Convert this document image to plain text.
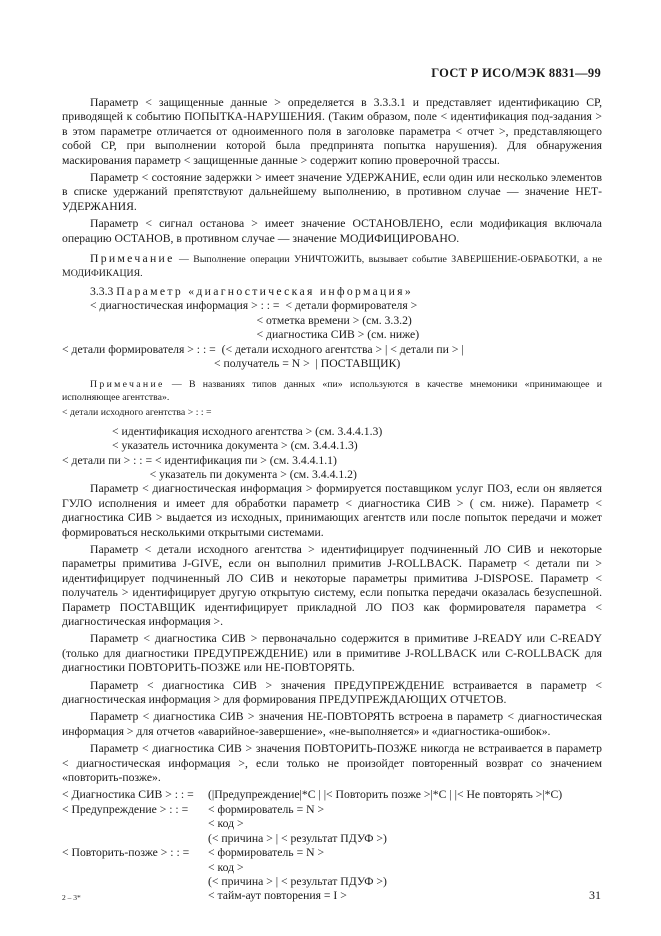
ГОСТ Р ИСО/МЭК 8831—99

Параметр < защищенные данные > определяется в 3.3.3.1 и представляет идентификацию СР, приводящей к событию ПОПЫТКА-НАРУШЕНИЯ. (Таким образом, поле < идентификация под-задания > в этом параметре отличается от одноименного поля в заголовке параметра < отчет >, представляющего собой СР, при выполнении которой была предпринята попытка нарушения). Для обнаружения маскирования параметр < защищенные данные > содержит копию проверочной трассы.

Параметр < состояние задержки > имеет значение УДЕРЖАНИЕ, если один или несколько элементов в списке удержаний препятствуют дальнейшему выполнению, в противном случае — значение НЕТ-УДЕРЖАНИЯ.

Параметр < сигнал останова > имеет значение ОСТАНОВЛЕНО, если модификация включала операцию ОСТАНОВ, в противном случае — значение МОДИФИЦИРОВАНО.

Примечание — Выполнение операции УНИЧТОЖИТЬ, вызывает событие ЗАВЕРШЕНИЕ-ОБРАБОТКИ, а не МОДИФИКАЦИЯ.

3.3.3 Параметр «диагностическая информация»

< диагностическая информация > : : =  < детали формирователя >

< отметка времени > (см. 3.3.2)

< диагностика СИВ > (см. ниже)

< детали формирователя > : : =  (< детали исходного агентства > | < детали пи > |

< получатель = N >  | ПОСТАВЩИК)

Примечание — В названиях типов данных «пи» используются в качестве мнемоники «принимающее и исполняющее агентства».

< детали исходного агентства > : : =

< идентификация исходного агентства > (см. 3.4.4.1.3)

< указатель источника документа > (см. 3.4.4.1.3)

< детали пи > : : = < идентификация пи > (см. 3.4.4.1.1)

< указатель пи документа > (см. 3.4.4.1.2)

Параметр < диагностическая информация > формируется поставщиком услуг ПОЗ, если он является ГУЛО исполнения и имеет для обработки параметр < диагностика СИВ > ( см. ниже). Параметр < диагностика СИВ > выдается из исходных, принимающих агентств или после попыток передачи и может формироваться несколькими открытыми системами.

Параметр < детали исходного агентства > идентифицирует подчиненный ЛО СИВ и некоторые параметры примитива J-GIVE, если он выполнил примитив J-ROLLBACK. Параметр < детали пи > идентифицирует подчиненный ЛО СИВ и некоторые параметры примитива J-DISPOSE. Параметр < получатель > идентифицирует другую открытую систему, если попытка передачи оказалась безуспешной. Параметр ПОСТАВЩИК идентифицирует прикладной ЛО ПОЗ как формирователя параметра < диагностическая информация >.

Параметр < диагностика СИВ > первоначально содержится в примитиве J-READY или C-READY (только для диагностики ПРЕДУПРЕЖДЕНИЕ) или в примитиве J-ROLLBACK или C-ROLLBACK для диагностики ПОВТОРИТЬ-ПОЗЖЕ или НЕ-ПОВТОРЯТЬ.

Параметр < диагностика СИВ > значения ПРЕДУПРЕЖДЕНИЕ встраивается в параметр < диагностическая информация > для формирования ПРЕДУПРЕЖДАЮЩИХ ОТЧЕТОВ.

Параметр < диагностика СИВ > значения НЕ-ПОВТОРЯТЬ встроена в параметр < диагностическая информация > для отчетов «аварийное-завершение», «не-выполняется» и «диагностика-ошибок».

Параметр < диагностика СИВ > значения ПОВТОРИТЬ-ПОЗЖЕ никогда не встраивается в параметр < диагностическая информация >, если только не произойдет повторенный возврат со значением «повторить-позже».

< Диагностика СИВ > : : =	(|Предупреждение|*С | |< Повторить позже >|*С | |< Не повторять >|*С)
< Предупреждение > : : =	< формирователь = N >
< код >
(< причина > | < результат ПДУФ >)
< Повторить-позже > : : =	< формирователь = N >
< код >
(< причина > | < результат ПДУФ >)
< тайм-аут повторения = I >
2 – 3*	31
